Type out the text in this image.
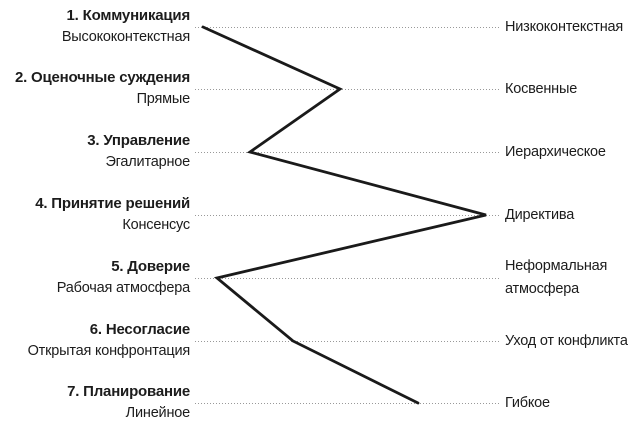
1. Коммуникация
Высококонтекстная
Низкоконтекстная
2. Оценочные суждения
Прямые
Косвенные
3. Управление
Эгалитарное
Иерархическое
4. Принятие решений
Консенсус
Директива
5. Доверие
Рабочая атмосфера
Неформальная атмосфера
6. Несогласие
Открытая конфронтация
Уход от конфликта
7. Планирование
Линейное
Гибкое
